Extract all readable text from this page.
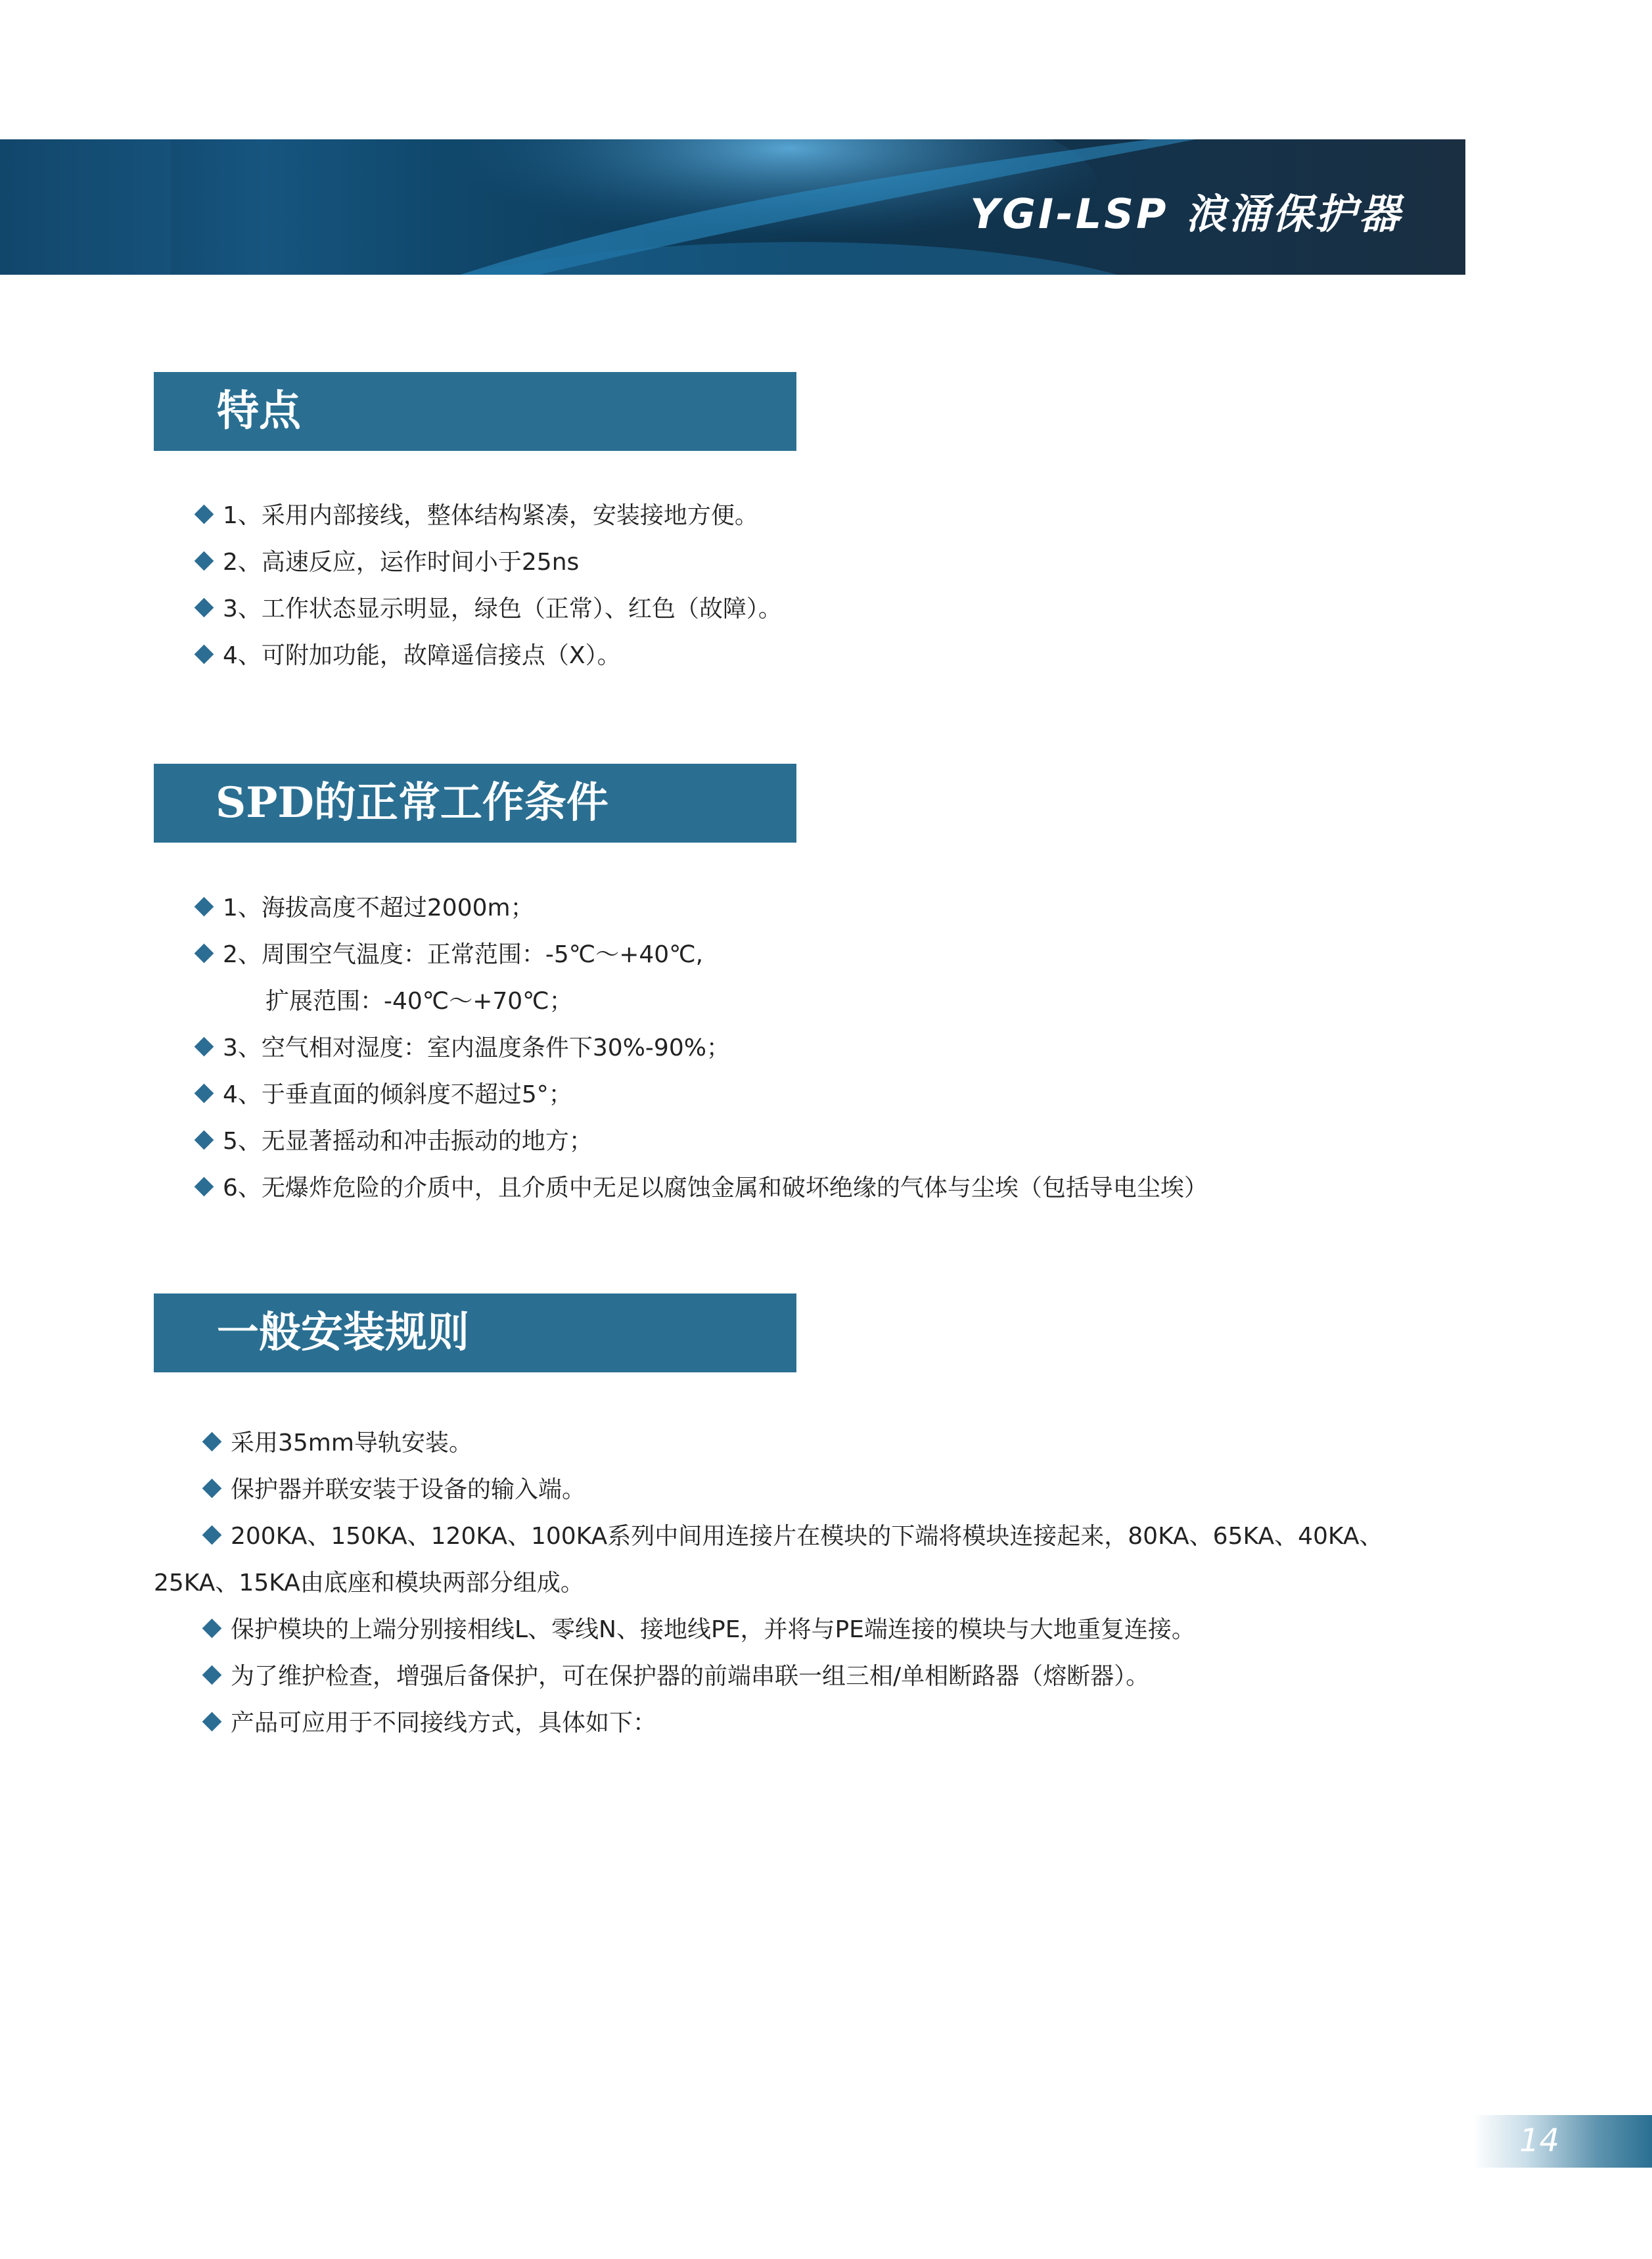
YGI-LSP 浪涌保护器
特点
1、采用内部接线，整体结构紧凑，安装接地方便。
2、高速反应，运作时间小于25ns
3、工作状态显示明显，绿色（正常）、红色（故障）。
4、可附加功能，故障遥信接点（X）。
SPD的正常工作条件
1、海拔高度不超过2000m；
2、周围空气温度：正常范围：-5℃～+40℃,
扩展范围：-40℃～+70℃；
3、空气相对湿度：室内温度条件下30%-90%；
4、于垂直面的倾斜度不超过5°；
5、无显著摇动和冲击振动的地方；
6、无爆炸危险的介质中，且介质中无足以腐蚀金属和破坏绝缘的气体与尘埃（包括导电尘埃）
一般安装规则
采用35mm导轨安装。
保护器并联安装于设备的输入端。
200KA、150KA、120KA、100KA系列中间用连接片在模块的下端将模块连接起来，80KA、65KA、40KA、
25KA、15KA由底座和模块两部分组成。
保护模块的上端分别接相线L、零线N、接地线PE，并将与PE端连接的模块与大地重复连接。
为了维护检查，增强后备保护，可在保护器的前端串联一组三相/单相断路器（熔断器）。
产品可应用于不同接线方式，具体如下：
14
